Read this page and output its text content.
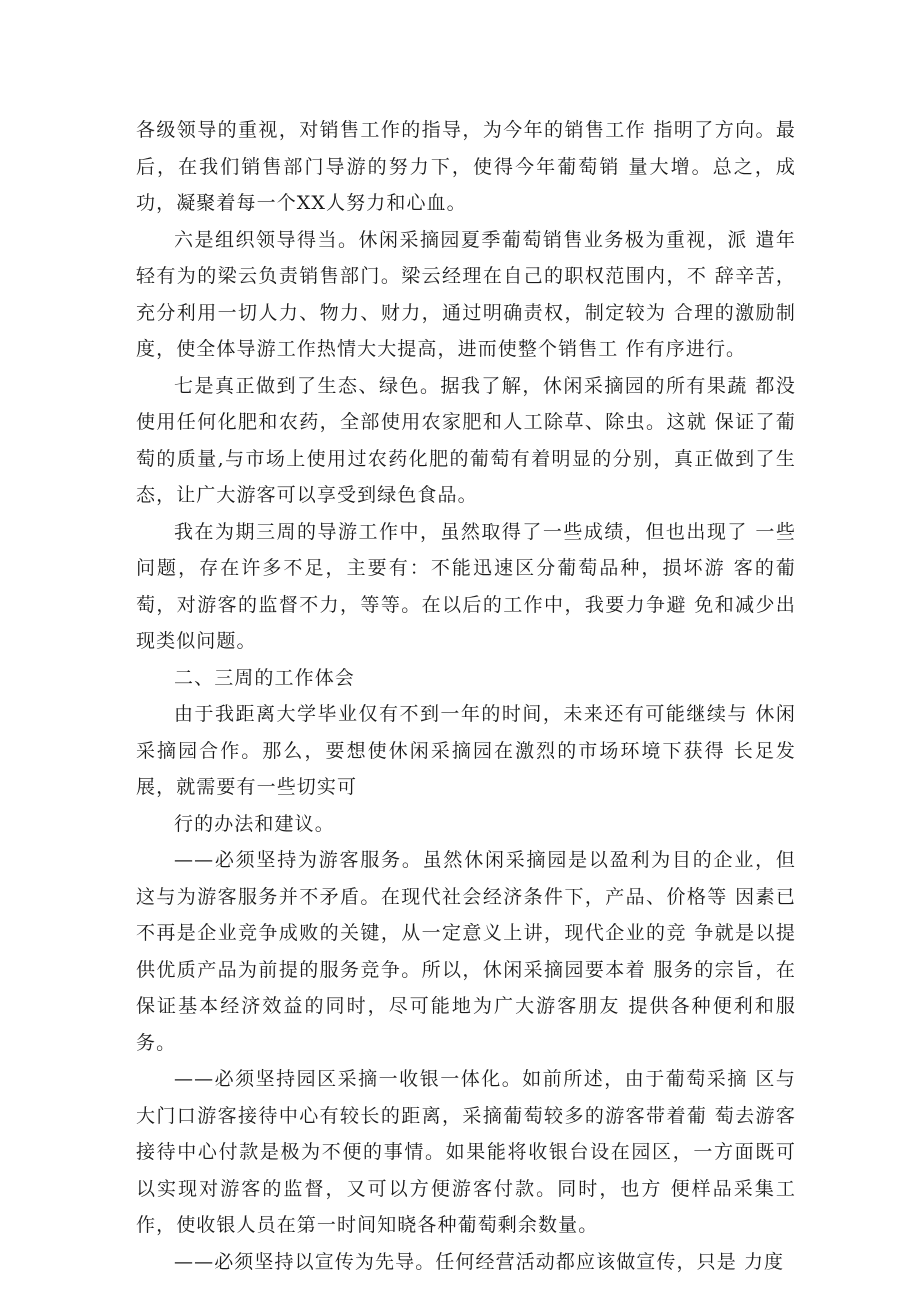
各级领导的重视，对销售工作的指导，为今年的销售工作 指明了方向。最后，在我们销售部门导游的努力下，使得今年葡萄销 量大增。总之，成功，凝聚着每一个XX人努力和心血。

六是组织领导得当。休闲采摘园夏季葡萄销售业务极为重视，派 遣年轻有为的梁云负责销售部门。梁云经理在自己的职权范围内，不 辞辛苦，充分利用一切人力、物力、财力，通过明确责权，制定较为 合理的激励制度，使全体导游工作热情大大提高，进而使整个销售工 作有序进行。

七是真正做到了生态、绿色。据我了解，休闲采摘园的所有果蔬 都没使用任何化肥和农药，全部使用农家肥和人工除草、除虫。这就 保证了葡萄的质量,与市场上使用过农药化肥的葡萄有着明显的分别，真正做到了生态，让广大游客可以享受到绿色食品。

我在为期三周的导游工作中，虽然取得了一些成绩，但也出现了 一些问题，存在许多不足，主要有：不能迅速区分葡萄品种，损坏游 客的葡萄，对游客的监督不力，等等。在以后的工作中，我要力争避 免和减少出现类似问题。

二、三周的工作体会

由于我距离大学毕业仅有不到一年的时间，未来还有可能继续与 休闲采摘园合作。那么，要想使休闲采摘园在激烈的市场环境下获得 长足发展，就需要有一些切实可

行的办法和建议。

——必须坚持为游客服务。虽然休闲采摘园是以盈利为目的企业，但这与为游客服务并不矛盾。在现代社会经济条件下，产品、价格等 因素已不再是企业竞争成败的关键，从一定意义上讲，现代企业的竞 争就是以提供优质产品为前提的服务竞争。所以，休闲采摘园要本着 服务的宗旨，在保证基本经济效益的同时，尽可能地为广大游客朋友 提供各种便利和服务。

——必须坚持园区采摘一收银一体化。如前所述，由于葡萄采摘 区与大门口游客接待中心有较长的距离，采摘葡萄较多的游客带着葡 萄去游客接待中心付款是极为不便的事情。如果能将收银台设在园区，一方面既可以实现对游客的监督，又可以方便游客付款。同时，也方 便样品采集工作，使收银人员在第一时间知晓各种葡萄剩余数量。

——必须坚持以宣传为先导。任何经营活动都应该做宣传，只是 力度
